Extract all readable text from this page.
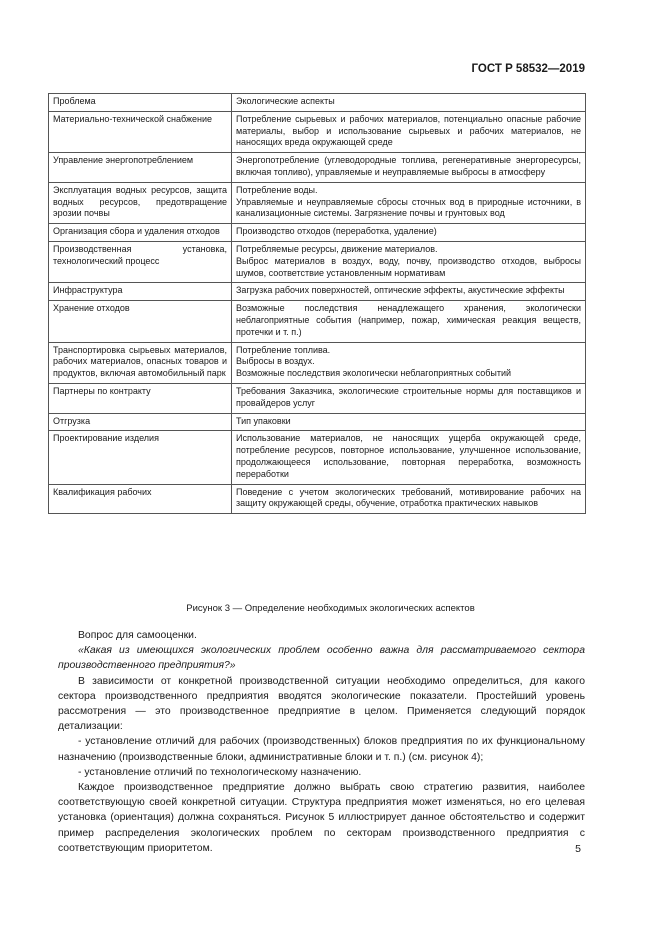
ГОСТ Р 58532—2019
Проблема	Экологические аспекты
Материально-технической снабжение	Потребление сырьевых и рабочих материалов, потенциально опасные рабочие материалы, выбор и использование сырьевых и рабочих материалов, не наносящих вреда окружающей среде
Управление энергопотреблением	Энергопотребление (углеводородные топлива, регенеративные энергоресурсы, включая топливо), управляемые и неуправляемые выбросы в атмосферу
Эксплуатация водных ресурсов, защита водных ресурсов, предотвращение эрозии почвы	Потребление воды.
Управляемые и неуправляемые сбросы сточных вод в природные источники, в канализационные системы. Загрязнение почвы и грунтовых вод
Организация сбора и удаления отходов	Производство отходов (переработка, удаление)
Производственная установка, технологический процесс	Потребляемые ресурсы, движение материалов.
Выброс материалов в воздух, воду, почву, производство отходов, выбросы шумов, соответствие установленным нормативам
Инфраструктура	Загрузка рабочих поверхностей, оптические эффекты, акустические эффекты
Хранение отходов	Возможные последствия ненадлежащего хранения, экологически неблагоприятные события (например, пожар, химическая реакция веществ, протечки и т. п.)
Транспортировка сырьевых материалов, рабочих материалов, опасных товаров и продуктов, включая автомобильный парк	Потребление топлива.
Выбросы в воздух.
Возможные последствия экологически неблагоприятных событий
Партнеры по контракту	Требования Заказчика, экологические строительные нормы для поставщиков и провайдеров услуг
Отгрузка	Тип упаковки
Проектирование изделия	Использование материалов, не наносящих ущерба окружающей среде, потребление ресурсов, повторное использование, улучшенное использование, продолжающееся использование, повторная переработка, возможность переработки
Квалификация рабочих	Поведение с учетом экологических требований, мотивирование рабочих на защиту окружающей среды, обучение, отработка практических навыков
Рисунок 3 — Определение необходимых экологических аспектов

Вопрос для самооценки.

«Какая из имеющихся экологических проблем особенно важна для рассматриваемого сектора производственного предприятия?»

В зависимости от конкретной производственной ситуации необходимо определиться, для какого сектора производственного предприятия вводятся экологические показатели. Простейший уровень рассмотрения — это производственное предприятие в целом. Применяется следующий порядок детализации:

- установление отличий для рабочих (производственных) блоков предприятия по их функциональному назначению (производственные блоки, административные блоки и т. п.) (см. рисунок 4);

- установление отличий по технологическому назначению.

Каждое производственное предприятие должно выбрать свою стратегию развития, наиболее соответствующую своей конкретной ситуации. Структура предприятия может изменяться, но его целевая установка (ориентация) должна сохраняться. Рисунок 5 иллюстрирует данное обстоятельство и содержит пример распределения экологических проблем по секторам производственного предприятия с соответствующим приоритетом.	5
